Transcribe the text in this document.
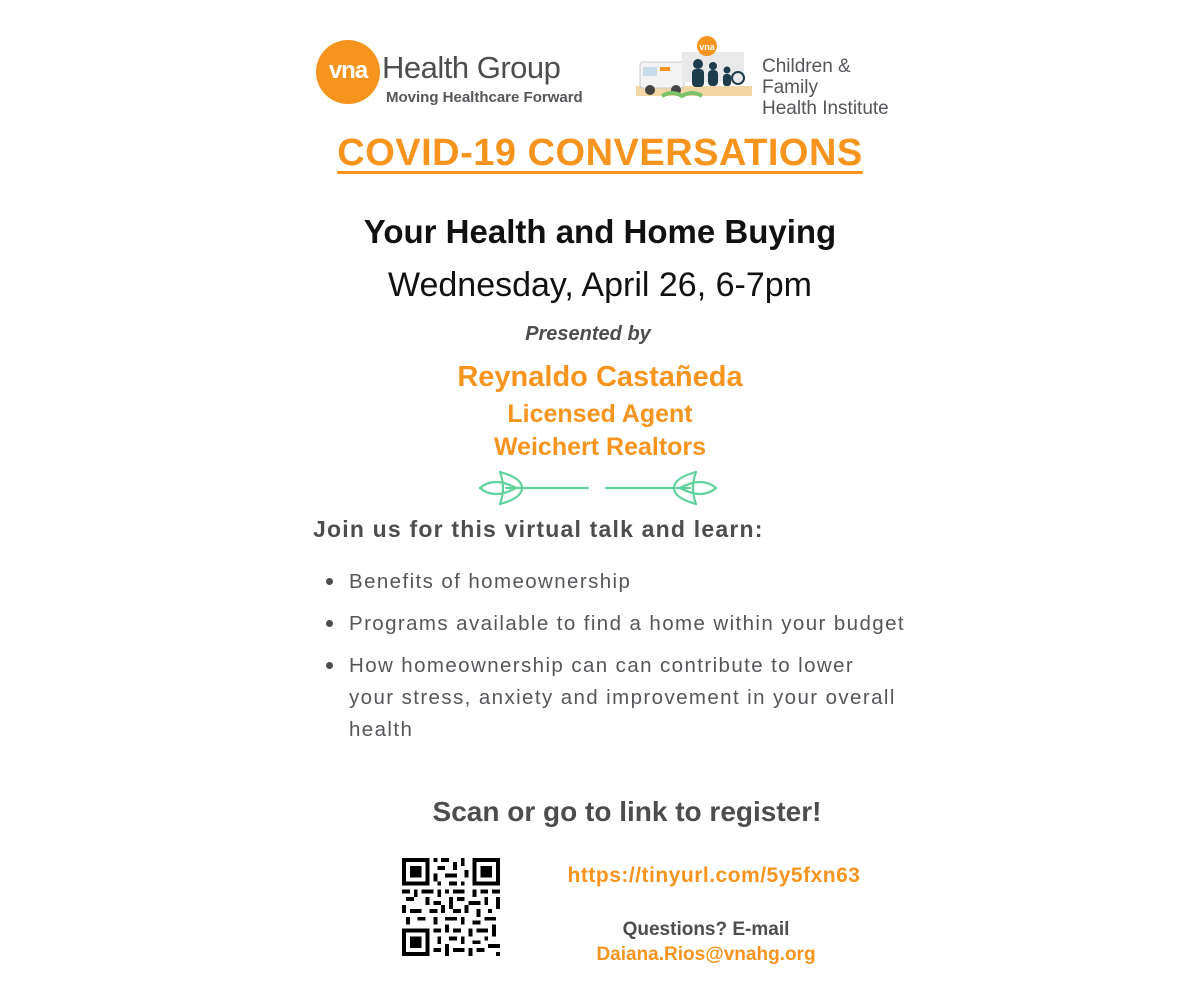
vna Health Group
Moving Healthcare Forward
vna
Children & Family
Health Institute
COVID-19 CONVERSATIONS
Your Health and Home Buying
Wednesday, April 26, 6-7pm
Presented by
Reynaldo Castañeda
Licensed Agent
Weichert Realtors
Join us for this virtual talk and learn:
Benefits of homeownership
Programs available to find a home within your budget
How homeownership can can contribute to lower your stress, anxiety and improvement in your overall health
Scan or go to link to register!
https://tinyurl.com/5y5fxn63
Questions? E-mail
Daiana.Rios@vnahg.org
